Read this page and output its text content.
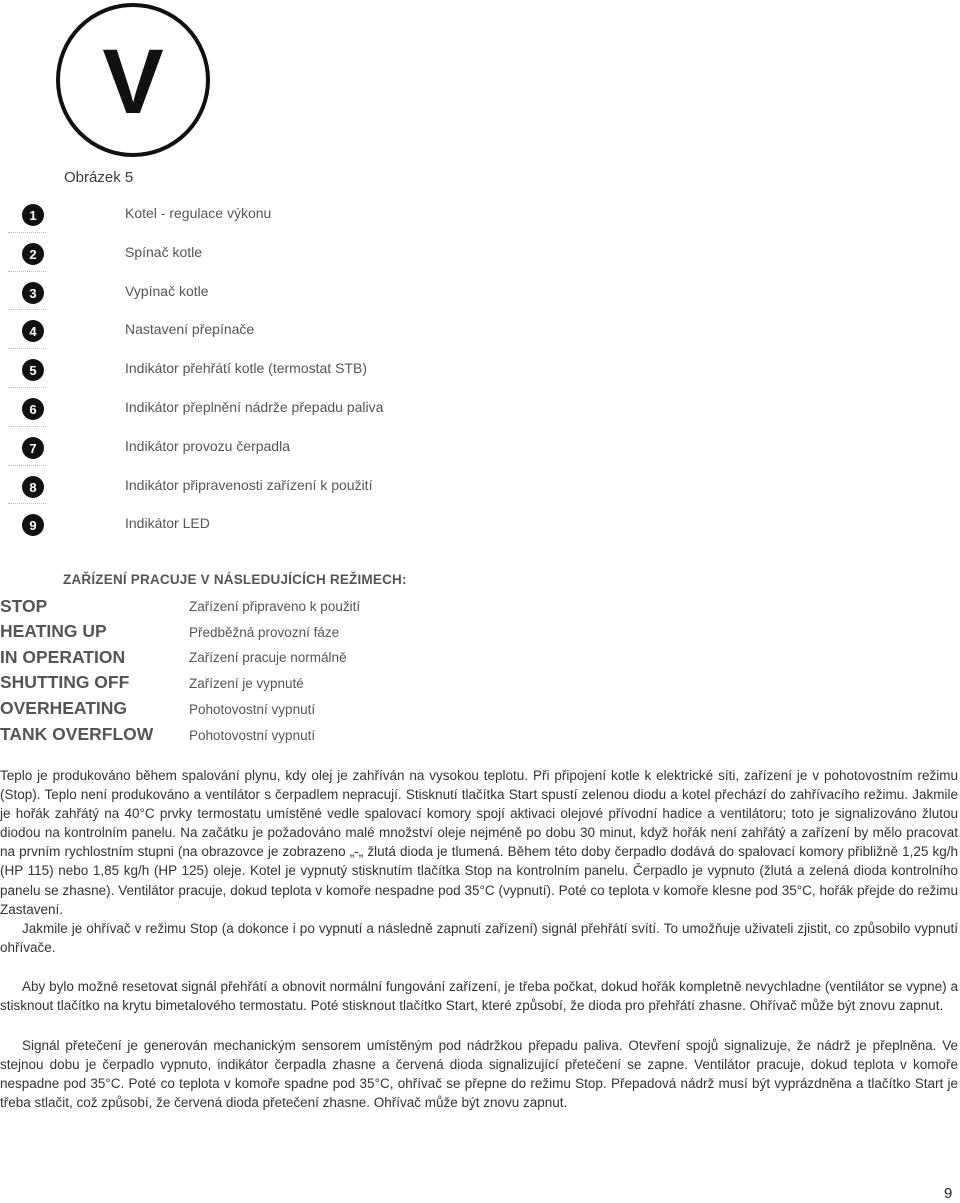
V
Obrázek 5
1	Kotel - regulace výkonu
2	Spínač kotle
3	Vypínač kotle
4	Nastavení přepínače
5	Indikátor přehřátí kotle (termostat STB)
6	Indikátor přeplnění nádrže přepadu paliva
7	Indikátor provozu čerpadla
8	Indikátor připravenosti zařízení k použití
9	Indikátor LED
ZAŘÍZENÍ PRACUJE V NÁSLEDUJÍCÍCH REŽIMECH:
STOP	Zařízení připraveno k použití
HEATING UP	Předběžná provozní fáze
IN OPERATION	Zařízení pracuje normálně
SHUTTING OFF	Zařízení je vypnuté
OVERHEATING	Pohotovostní vypnutí
TANK OVERFLOW	Pohotovostní vypnutí

Teplo je produkováno během spalování plynu, kdy olej je zahříván na vysokou teplotu. Při připojení kotle k elektrické síti, zařízení je v pohotovostním režimu (Stop). Teplo není produkováno a ventilátor s čerpadlem nepracují. Stisknutí tlačítka Start spustí zelenou diodu a kotel přechází do zahřívacího režimu. Jakmile je hořák zahřátý na 40°C prvky termostatu umístěné vedle spalovací komory spojí aktivaci olejové přívodní hadice a ventilátoru; toto je signalizováno žlutou diodou na kontrolním panelu. Na začátku je požadováno malé množství oleje nejméně po dobu 30 minut, když hořák není zahřátý a zařízení by mělo pracovat na prvním rychlostním stupni (na obrazovce je zobrazeno „-„ žlutá dioda je tlumená. Během této doby čerpadlo dodává do spalovací komory přibližně 1,25 kg/h (HP 115) nebo 1,85 kg/h (HP 125) oleje. Kotel je vypnutý stisknutím tlačítka Stop na kontrolním panelu. Čerpadlo je vypnuto (žlutá a zelená dioda kontrolního panelu se zhasne). Ventilátor pracuje, dokud teplota v komoře nespadne pod 35°C (vypnutí). Poté co teplota v komoře klesne pod 35°C, hořák přejde do režimu Zastavení.

Jakmile je ohřívač v režimu Stop (a dokonce i po vypnutí a následně zapnutí zařízení) signál přehřátí svítí. To umožňuje uživateli zjistit, co způsobilo vypnutí ohřívače.

Aby bylo možné resetovat signál přehřátí a obnovit normální fungování zařízení, je třeba počkat, dokud hořák kompletně nevychladne (ventilátor se vypne) a stisknout tlačítko na krytu bimetalového termostatu. Poté stisknout tlačítko Start, které způsobí, že dioda pro přehřátí zhasne. Ohřívač může být znovu zapnut.

Signál přetečení je generován mechanickým sensorem umístěným pod nádržkou přepadu paliva. Otevření spojů signalizuje, že nádrž je přeplněna. Ve stejnou dobu je čerpadlo vypnuto, indikátor čerpadla zhasne a červená dioda signalizující přetečení se zapne. Ventilátor pracuje, dokud teplota v komoře nespadne pod 35°C. Poté co teplota v komoře spadne pod 35°C, ohřívač se přepne do režimu Stop. Přepadová nádrž musí být vyprázdněna a tlačítko Start je třeba stlačit, což způsobí, že červená dioda přetečení zhasne. Ohřívač může být znovu zapnut.

9
